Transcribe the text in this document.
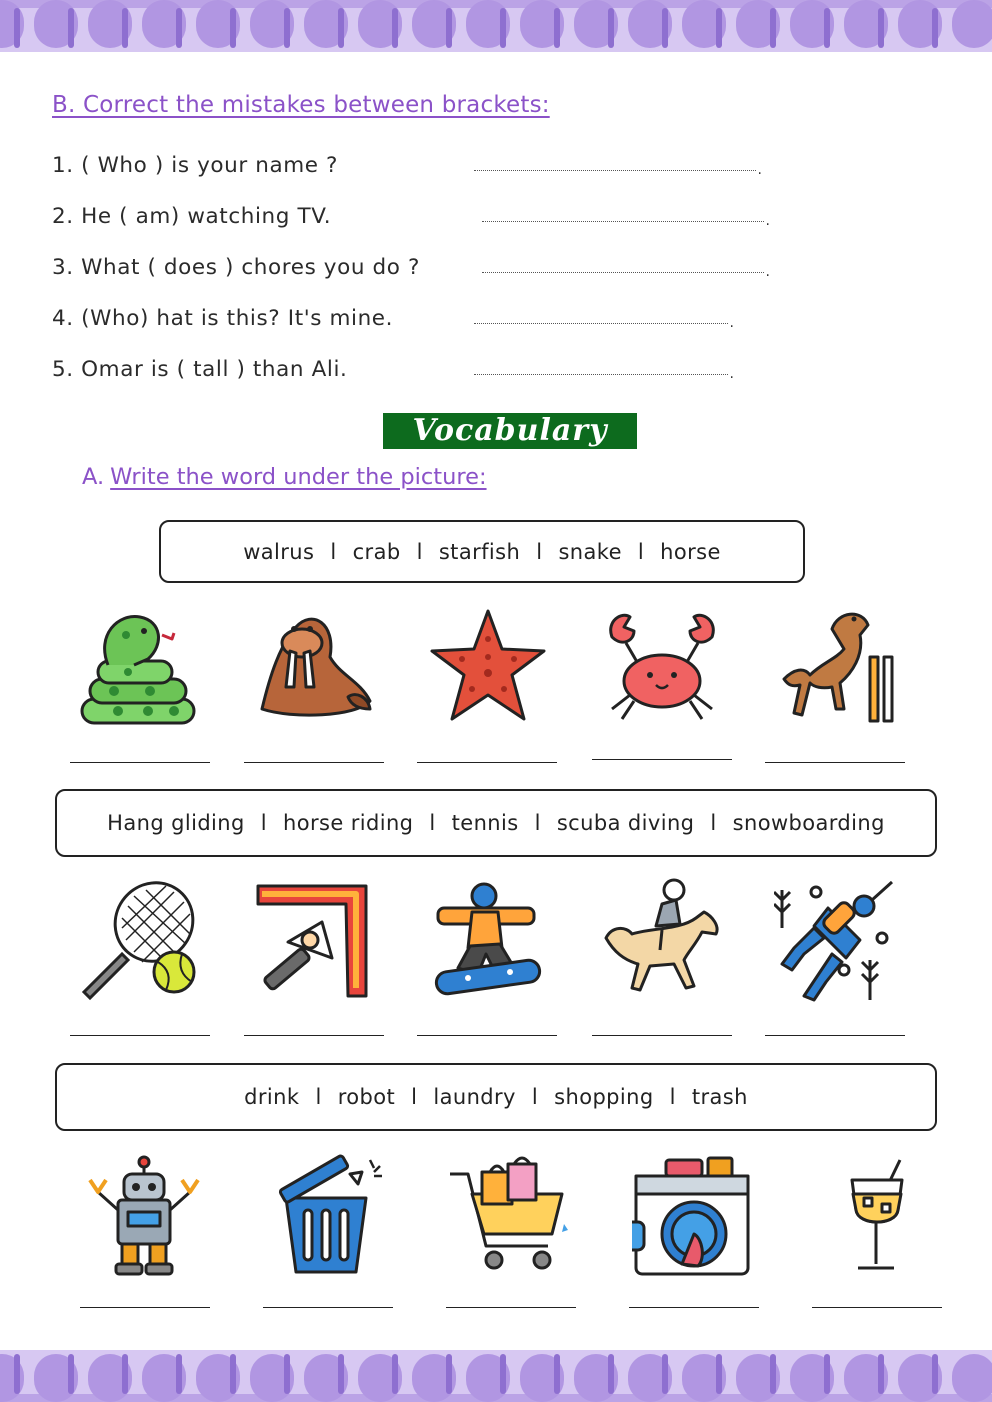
B. Correct the mistakes between brackets:
1. ( Who ) is your name ?
.
2. He ( am) watching TV.
.
3. What ( does ) chores you do ?
.
4. (Who) hat is this? It's mine.
.
5. Omar is ( tall ) than Ali.
.
Vocabulary
A. Write the word under the picture:
walrus l crab l starfish l snake l horse
Hang gliding l horse riding l tennis l scuba diving l snowboarding
drink l robot l laundry l shopping l trash
